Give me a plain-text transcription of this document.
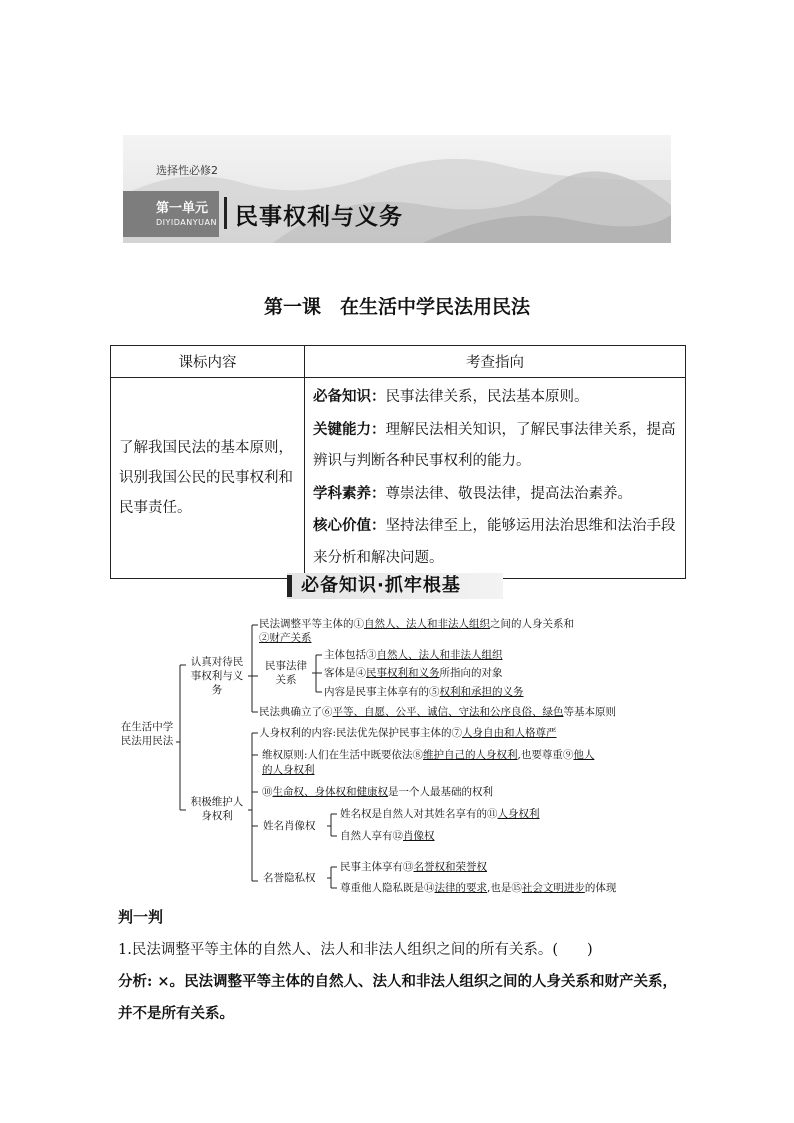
选择性必修2
第一单元
DIYIDANYUAN 民事权利与义务
第一课　在生活中学民法用民法
课标内容	考查指向
了解我国民法的基本原则，识别我国公民的民事权利和民事责任。	必备知识：民事法律关系，民法基本原则。
关键能力：理解民法相关知识，了解民事法律关系，提高辨识与判断各种民事权利的能力。
学科素养：尊崇法律、敬畏法律，提高法治素养。
核心价值：坚持法律至上，能够运用法治思维和法治手段来分析和解决问题。
必备知识·抓牢根基
在生活中学民法用民法
认真对待民事权利与义务
积极维护人身权利
民法调整平等主体的①自然人、法人和非法人组织之间的人身关系和
②财产关系
民事法律关系
主体包括③自然人、法人和非法人组织
客体是④民事权利和义务所指向的对象
内容是民事主体享有的⑤权利和承担的义务
民法典确立了⑥平等、自愿、公平、诚信、守法和公序良俗、绿色等基本原则
人身权利的内容:民法优先保护民事主体的⑦人身自由和人格尊严
维权原则:人们在生活中既要依法⑧维护自己的人身权利,也要尊重⑨他人
的人身权利
⑩生命权、身体权和健康权是一个人最基础的权利
姓名肖像权
姓名权是自然人对其姓名享有的⑪人身权利
自然人享有⑫肖像权
名誉隐私权
民事主体享有⑬名誉权和荣誉权
尊重他人隐私既是⑭法律的要求,也是⑮社会文明进步的体现
判一判
1.民法调整平等主体的自然人、法人和非法人组织之间的所有关系。(　　)
分析: ×。民法调整平等主体的自然人、法人和非法人组织之间的人身关系和财产关系，并不是所有关系。
